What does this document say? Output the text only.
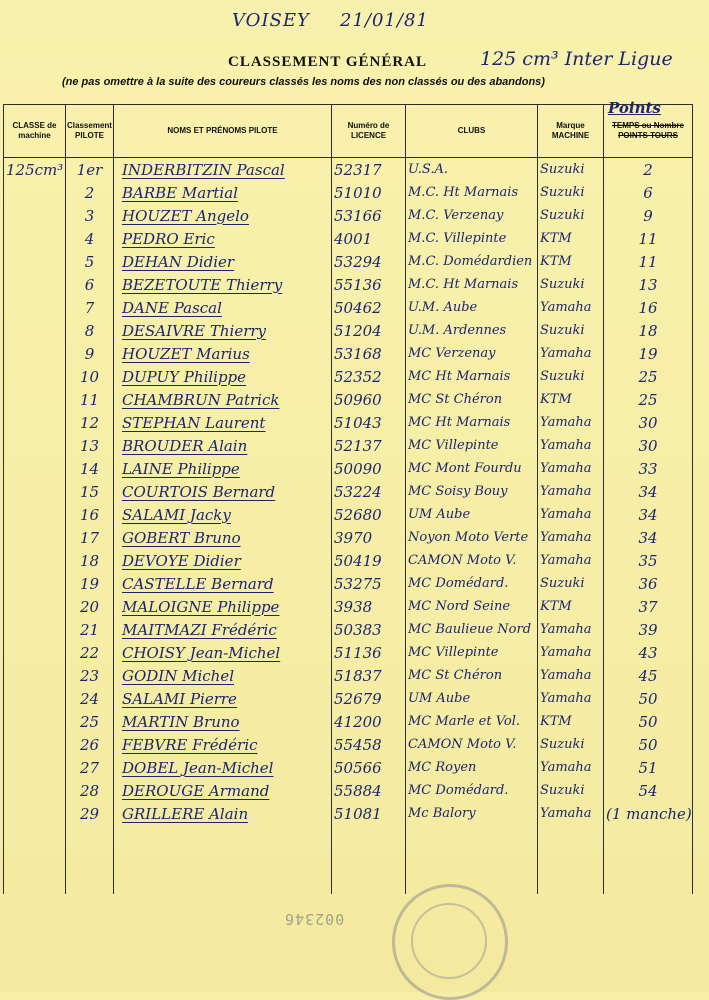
VOISEY 21/01/81
CLASSEMENT GÉNÉRAL	125 cm³ Inter Ligue
(ne pas omettre à la suite des coureurs classés les noms des non classés ou des abandons)
CLASSE de machine	Classement PILOTE	NOMS ET PRÉNOMS PILOTE	Numéro de LICENCE	CLUBS	Marque MACHINE	Points
TEMPS ou Nombre POINTS TOURS
125cm³	1er	INDERBITZIN Pascal	52317	U.S.A.	Suzuki	2
	2	BARBE Martial	51010	M.C. Ht Marnais	Suzuki	6
	3	HOUZET Angelo	53166	M.C. Verzenay	Suzuki	9
	4	PEDRO Eric	4001	M.C. Villepinte	KTM	11
	5	DEHAN Didier	53294	M.C. Domédardien	KTM	11
	6	BEZETOUTE Thierry	55136	M.C. Ht Marnais	Suzuki	13
	7	DANE Pascal	50462	U.M. Aube	Yamaha	16
	8	DESAIVRE Thierry	51204	U.M. Ardennes	Suzuki	18
	9	HOUZET Marius	53168	MC Verzenay	Yamaha	19
	10	DUPUY Philippe	52352	MC Ht Marnais	Suzuki	25
	11	CHAMBRUN Patrick	50960	MC St Chéron	KTM	25
	12	STEPHAN Laurent	51043	MC Ht Marnais	Yamaha	30
	13	BROUDER Alain	52137	MC Villepinte	Yamaha	30
	14	LAINE Philippe	50090	MC Mont Fourdu	Yamaha	33
	15	COURTOIS Bernard	53224	MC Soisy Bouy	Yamaha	34
	16	SALAMI Jacky	52680	UM Aube	Yamaha	34
	17	GOBERT Bruno	3970	Noyon Moto Verte	Yamaha	34
	18	DEVOYE Didier	50419	CAMON Moto V.	Yamaha	35
	19	CASTELLE Bernard	53275	MC Domédard.	Suzuki	36
	20	MALOIGNE Philippe	3938	MC Nord Seine	KTM	37
	21	MAITMAZI Frédéric	50383	MC Baulieue Nord	Yamaha	39
	22	CHOISY Jean-Michel	51136	MC Villepinte	Yamaha	43
	23	GODIN Michel	51837	MC St Chéron	Yamaha	45
	24	SALAMI Pierre	52679	UM Aube	Yamaha	50
	25	MARTIN Bruno	41200	MC Marle et Vol.	KTM	50
	26	FEBVRE Frédéric	55458	CAMON Moto V.	Suzuki	50
	27	DOBEL Jean-Michel	50566	MC Royen	Yamaha	51
	28	DEROUGE Armand	55884	MC Domédard.	Suzuki	54
	29	GRILLERE Alain	51081	Mc Balory	Yamaha	(1 manche)

002346
